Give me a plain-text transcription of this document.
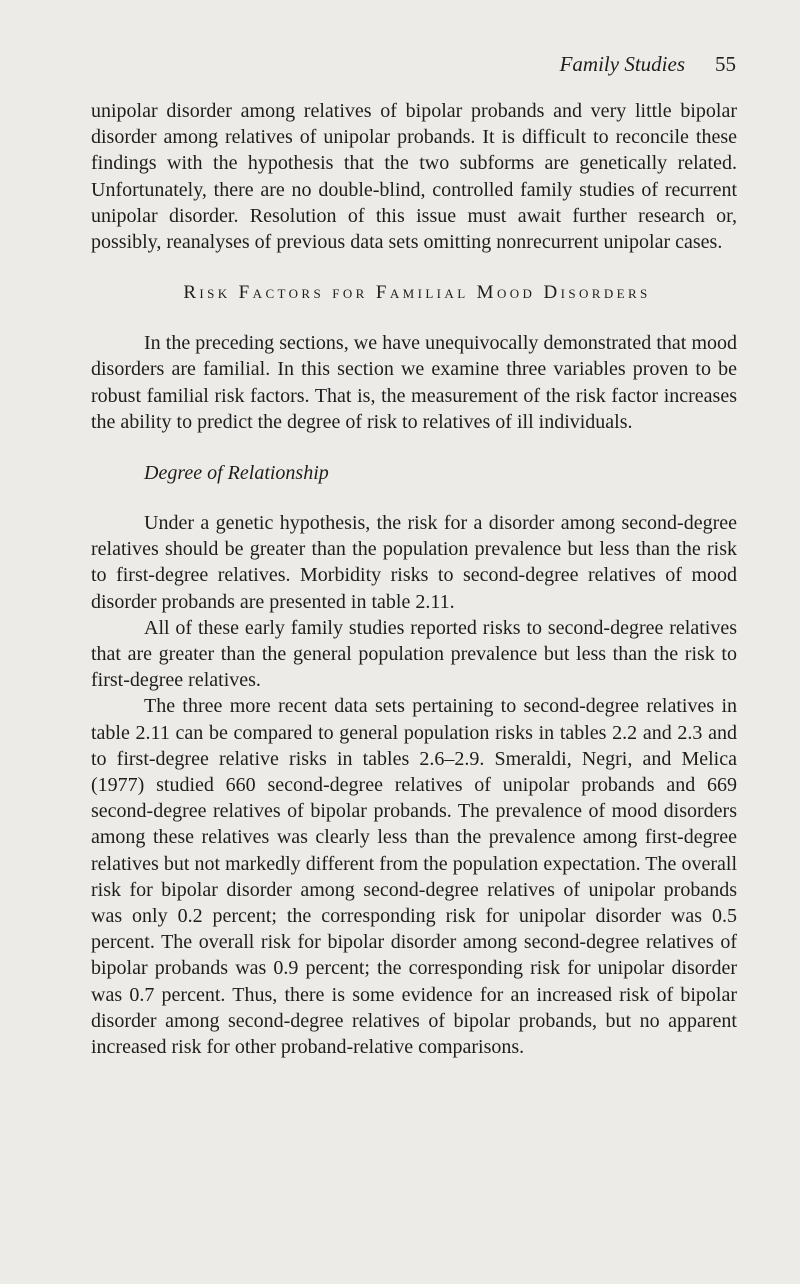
Family Studies 55

unipolar disorder among relatives of bipolar probands and very little bipolar disorder among relatives of unipolar probands. It is difficult to reconcile these findings with the hypothesis that the two subforms are genetically related. Unfortunately, there are no double-blind, controlled family studies of recurrent unipolar disorder. Resolution of this issue must await further research or, possibly, reanalyses of previous data sets omitting nonrecurrent unipolar cases.

Risk Factors for Familial Mood Disorders

In the preceding sections, we have unequivocally demonstrated that mood disorders are familial. In this section we examine three variables proven to be robust familial risk factors. That is, the measurement of the risk factor increases the ability to predict the degree of risk to relatives of ill individuals.

Degree of Relationship

Under a genetic hypothesis, the risk for a disorder among second-degree relatives should be greater than the population prevalence but less than the risk to first-degree relatives. Morbidity risks to second-degree relatives of mood disorder probands are presented in table 2.11.

All of these early family studies reported risks to second-degree relatives that are greater than the general population prevalence but less than the risk to first-degree relatives.

The three more recent data sets pertaining to second-degree relatives in table 2.11 can be compared to general population risks in tables 2.2 and 2.3 and to first-degree relative risks in tables 2.6–2.9. Smeraldi, Negri, and Melica (1977) studied 660 second-degree relatives of unipolar probands and 669 second-degree relatives of bipolar probands. The prevalence of mood disorders among these relatives was clearly less than the prevalence among first-degree relatives but not markedly different from the population expectation. The overall risk for bipolar disorder among second-degree relatives of unipolar probands was only 0.2 percent; the corresponding risk for unipolar disorder was 0.5 percent. The overall risk for bipolar disorder among second-degree relatives of bipolar probands was 0.9 percent; the corresponding risk for unipolar disorder was 0.7 percent. Thus, there is some evidence for an increased risk of bipolar disorder among second-degree relatives of bipolar probands, but no apparent increased risk for other proband-relative comparisons.
